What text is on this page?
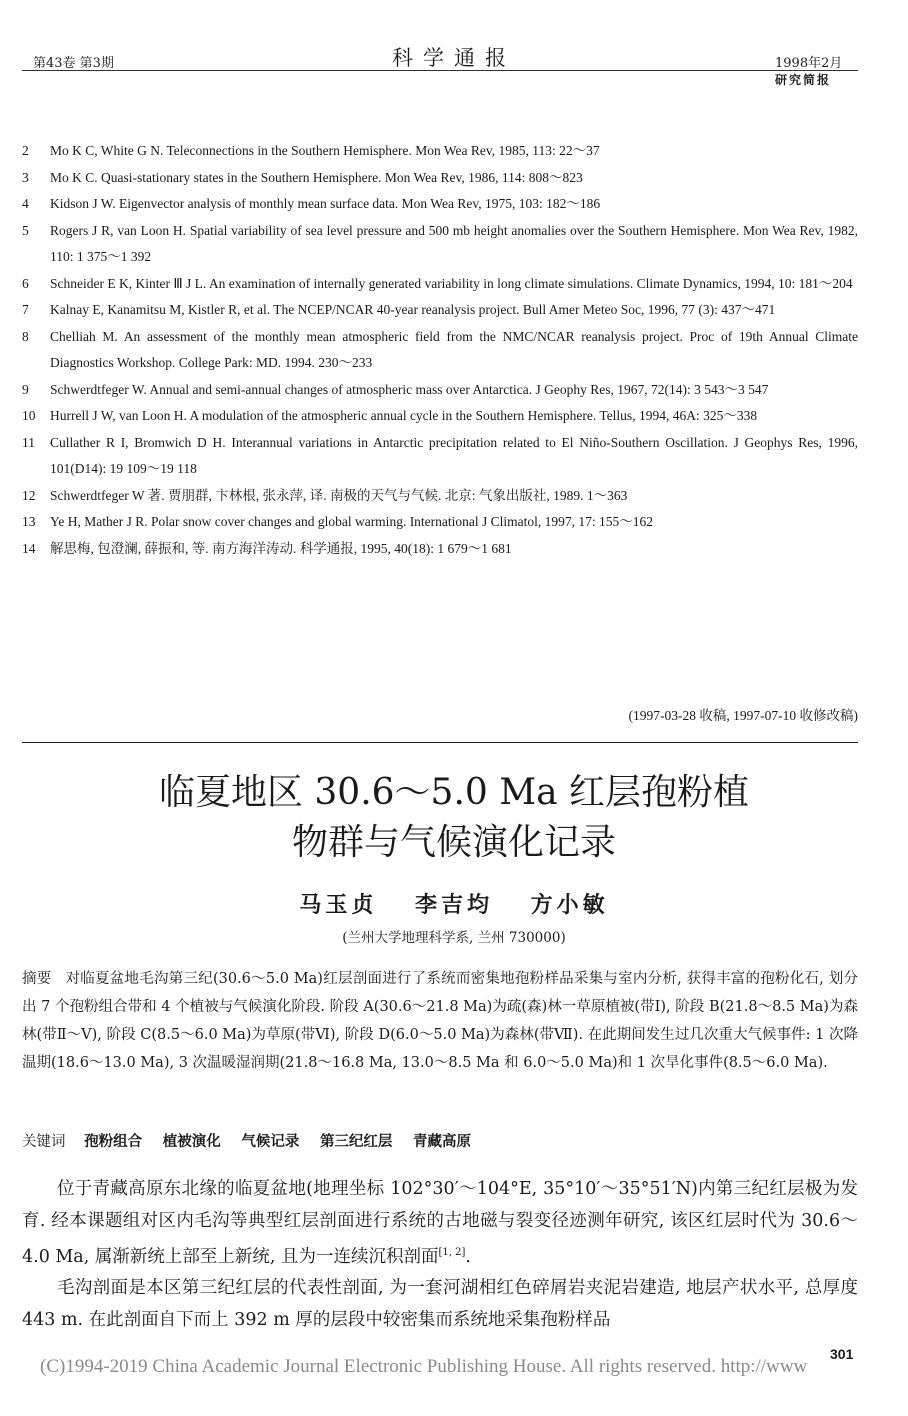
第43卷 第3期	科学通报	1998年2月
研究简报
2	Mo K C, White G N. Teleconnections in the Southern Hemisphere. Mon Wea Rev, 1985, 113: 22～37
3	Mo K C. Quasi-stationary states in the Southern Hemisphere. Mon Wea Rev, 1986, 114: 808～823
4	Kidson J W. Eigenvector analysis of monthly mean surface data. Mon Wea Rev, 1975, 103: 182～186
5	Rogers J R, van Loon H. Spatial variability of sea level pressure and 500 mb height anomalies over the Southern Hemisphere. Mon Wea Rev, 1982, 110: 1 375～1 392
6	Schneider E K, Kinter Ⅲ J L. An examination of internally generated variability in long climate simulations. Climate Dynamics, 1994, 10: 181～204
7	Kalnay E, Kanamitsu M, Kistler R, et al. The NCEP/NCAR 40-year reanalysis project. Bull Amer Meteo Soc, 1996, 77 (3): 437～471
8	Chelliah M. An assessment of the monthly mean atmospheric field from the NMC/NCAR reanalysis project. Proc of 19th Annual Climate Diagnostics Workshop. College Park: MD. 1994. 230～233
9	Schwerdtfeger W. Annual and semi-annual changes of atmospheric mass over Antarctica. J Geophy Res, 1967, 72(14): 3 543～3 547
10	Hurrell J W, van Loon H. A modulation of the atmospheric annual cycle in the Southern Hemisphere. Tellus, 1994, 46A: 325～338
11	Cullather R I, Bromwich D H. Interannual variations in Antarctic precipitation related to El Niño-Southern Oscillation. J Geophys Res, 1996, 101(D14): 19 109～19 118
12	Schwerdtfeger W 著. 贾朋群, 卞林根, 张永萍, 译. 南极的天气与气候. 北京: 气象出版社, 1989. 1～363
13	Ye H, Mather J R. Polar snow cover changes and global warming. International J Climatol, 1997, 17: 155～162
14	解思梅, 包澄澜, 薛振和, 等. 南方海洋涛动. 科学通报, 1995, 40(18): 1 679～1 681
(1997-03-28 收稿, 1997-07-10 收修改稿)
临夏地区 30.6～5.0 Ma 红层孢粉植
物群与气候演化记录
马玉贞 李吉均 方小敏
(兰州大学地理科学系, 兰州 730000)
摘要 对临夏盆地毛沟第三纪(30.6～5.0 Ma)红层剖面进行了系统而密集地孢粉样品采集与室内分析, 获得丰富的孢粉化石, 划分出 7 个孢粉组合带和 4 个植被与气候演化阶段. 阶段 A(30.6～21.8 Ma)为疏(森)林一草原植被(带Ⅰ), 阶段 B(21.8～8.5 Ma)为森林(带Ⅱ～Ⅴ), 阶段 C(8.5～6.0 Ma)为草原(带Ⅵ), 阶段 D(6.0～5.0 Ma)为森林(带Ⅶ). 在此期间发生过几次重大气候事件: 1 次降温期(18.6～13.0 Ma), 3 次温暖湿润期(21.8～16.8 Ma, 13.0～8.5 Ma 和 6.0～5.0 Ma)和 1 次旱化事件(8.5～6.0 Ma).
关键词 孢粉组合 植被演化 气候记录 第三纪红层 青藏高原

位于青藏高原东北缘的临夏盆地(地理坐标 102°30′～104°E, 35°10′～35°51′N)内第三纪红层极为发育. 经本课题组对区内毛沟等典型红层剖面进行系统的古地磁与裂变径迹测年研究, 该区红层时代为 30.6～4.0 Ma, 属渐新统上部至上新统, 且为一连续沉积剖面[1, 2].

毛沟剖面是本区第三纪红层的代表性剖面, 为一套河湖相红色碎屑岩夹泥岩建造, 地层产状水平, 总厚度 443 m. 在此剖面自下而上 392 m 厚的层段中较密集而系统地采集孢粉样品

(C)1994-2019 China Academic Journal Electronic Publishing House. All rights reserved. http://www
301
